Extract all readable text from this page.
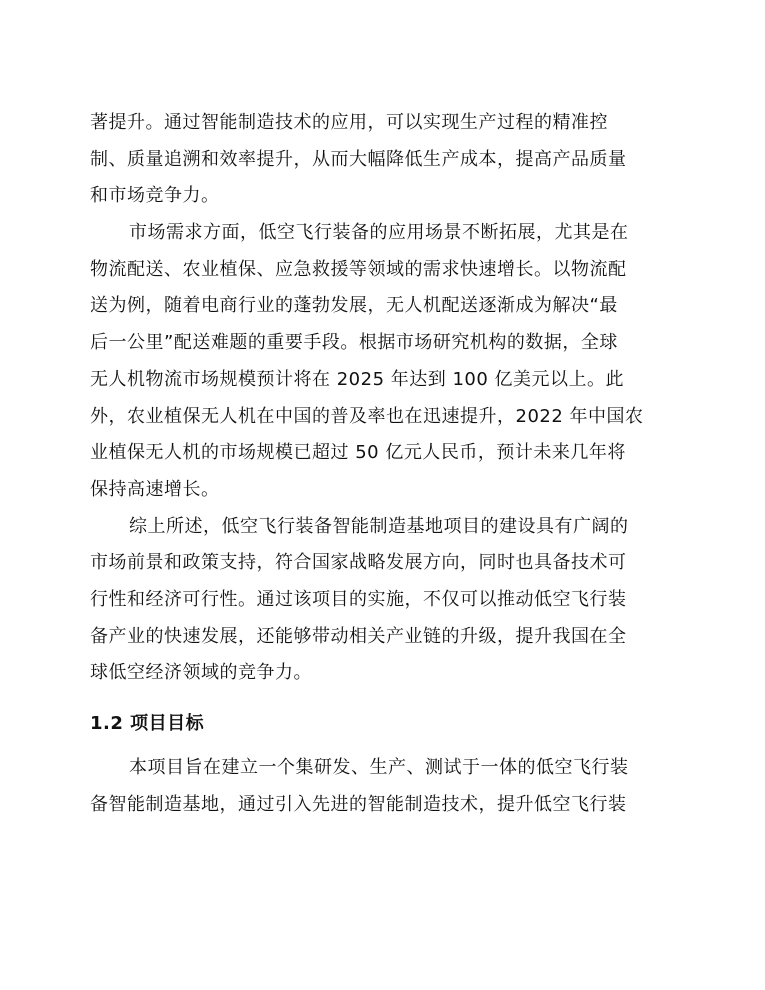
著提升。通过智能制造技术的应用，可以实现生产过程的精准控
制、质量追溯和效率提升，从而大幅降低生产成本，提高产品质量
和市场竞争力。
市场需求方面，低空飞行装备的应用场景不断拓展，尤其是在
物流配送、农业植保、应急救援等领域的需求快速增长。以物流配
送为例，随着电商行业的蓬勃发展，无人机配送逐渐成为解决“最
后一公里”配送难题的重要手段。根据市场研究机构的数据，全球
无人机物流市场规模预计将在 2025 年达到 100 亿美元以上。此
外，农业植保无人机在中国的普及率也在迅速提升，2022 年中国农
业植保无人机的市场规模已超过 50 亿元人民币，预计未来几年将
保持高速增长。
综上所述，低空飞行装备智能制造基地项目的建设具有广阔的
市场前景和政策支持，符合国家战略发展方向，同时也具备技术可
行性和经济可行性。通过该项目的实施，不仅可以推动低空飞行装
备产业的快速发展，还能够带动相关产业链的升级，提升我国在全
球低空经济领域的竞争力。
1.2 项目目标
本项目旨在建立一个集研发、生产、测试于一体的低空飞行装
备智能制造基地，通过引入先进的智能制造技术，提升低空飞行装
